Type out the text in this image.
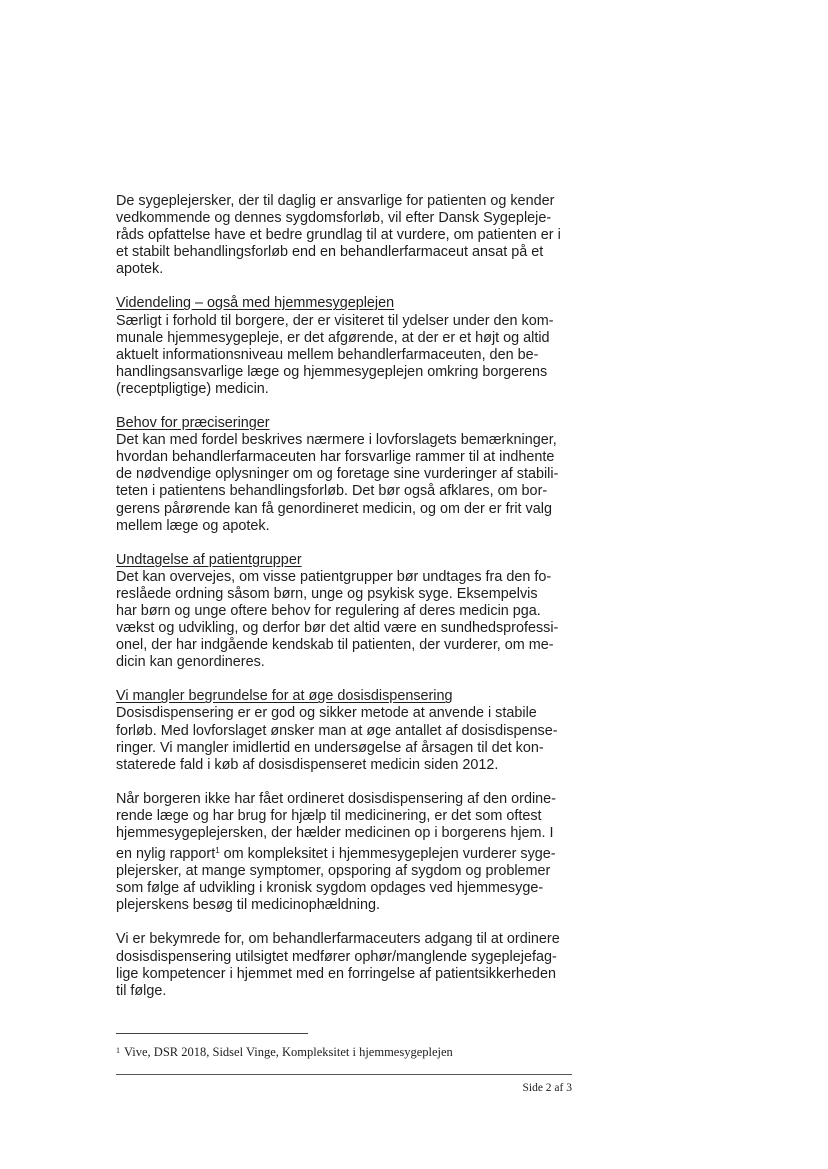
De sygeplejersker, der til daglig er ansvarlige for patienten og kender
vedkommende og dennes sygdomsforløb, vil efter Dansk Sygepleje-
råds opfattelse have et bedre grundlag til at vurdere, om patienten er i
et stabilt behandlingsforløb end en behandlerfarmaceut ansat på et
apotek.

Videndeling – også med hjemmesygeplejen
Særligt i forhold til borgere, der er visiteret til ydelser under den kom-
munale hjemmesygepleje, er det afgørende, at der er et højt og altid
aktuelt informationsniveau mellem behandlerfarmaceuten, den be-
handlingsansvarlige læge og hjemmesygeplejen omkring borgerens
(receptpligtige) medicin.
Behov for præciseringer
Det kan med fordel beskrives nærmere i lovforslagets bemærkninger,
hvordan behandlerfarmaceuten har forsvarlige rammer til at indhente
de nødvendige oplysninger om og foretage sine vurderinger af stabili-
teten i patientens behandlingsforløb. Det bør også afklares, om bor-
gerens pårørende kan få genordineret medicin, og om der er frit valg
mellem læge og apotek.
Undtagelse af patientgrupper
Det kan overvejes, om visse patientgrupper bør undtages fra den fo-
reslåede ordning såsom børn, unge og psykisk syge. Eksempelvis
har børn og unge oftere behov for regulering af deres medicin pga.
vækst og udvikling, og derfor bør det altid være en sundhedsprofessi-
onel, der har indgående kendskab til patienten, der vurderer, om me-
dicin kan genordineres.
Vi mangler begrundelse for at øge dosisdispensering
Dosisdispensering er er god og sikker metode at anvende i stabile
forløb. Med lovforslaget ønsker man at øge antallet af dosisdispense-
ringer. Vi mangler imidlertid en undersøgelse af årsagen til det kon-
staterede fald i køb af dosisdispenseret medicin siden 2012.
Når borgeren ikke har fået ordineret dosisdispensering af den ordine-
rende læge og har brug for hjælp til medicinering, er det som oftest
hjemmesygeplejersken, der hælder medicinen op i borgerens hjem. I
en nylig rapport$^1$ om kompleksitet i hjemmesygeplejen vurderer syge-
plejersker, at mange symptomer, opsporing af sygdom og problemer
som følge af udvikling i kronisk sygdom opdages ved hjemmesyge-
plejerskens besøg til medicinophældning.
Vi er bekymrede for, om behandlerfarmaceuters adgang til at ordinere
dosisdispensering utilsigtet medfører ophør/manglende sygeplejefag-
lige kompetencer i hjemmet med en forringelse af patientsikkerheden
til følge.
$^1$ Vive, DSR 2018, Sidsel Vinge, Kompleksitet i hjemmesygeplejen
Side 2 af 3
